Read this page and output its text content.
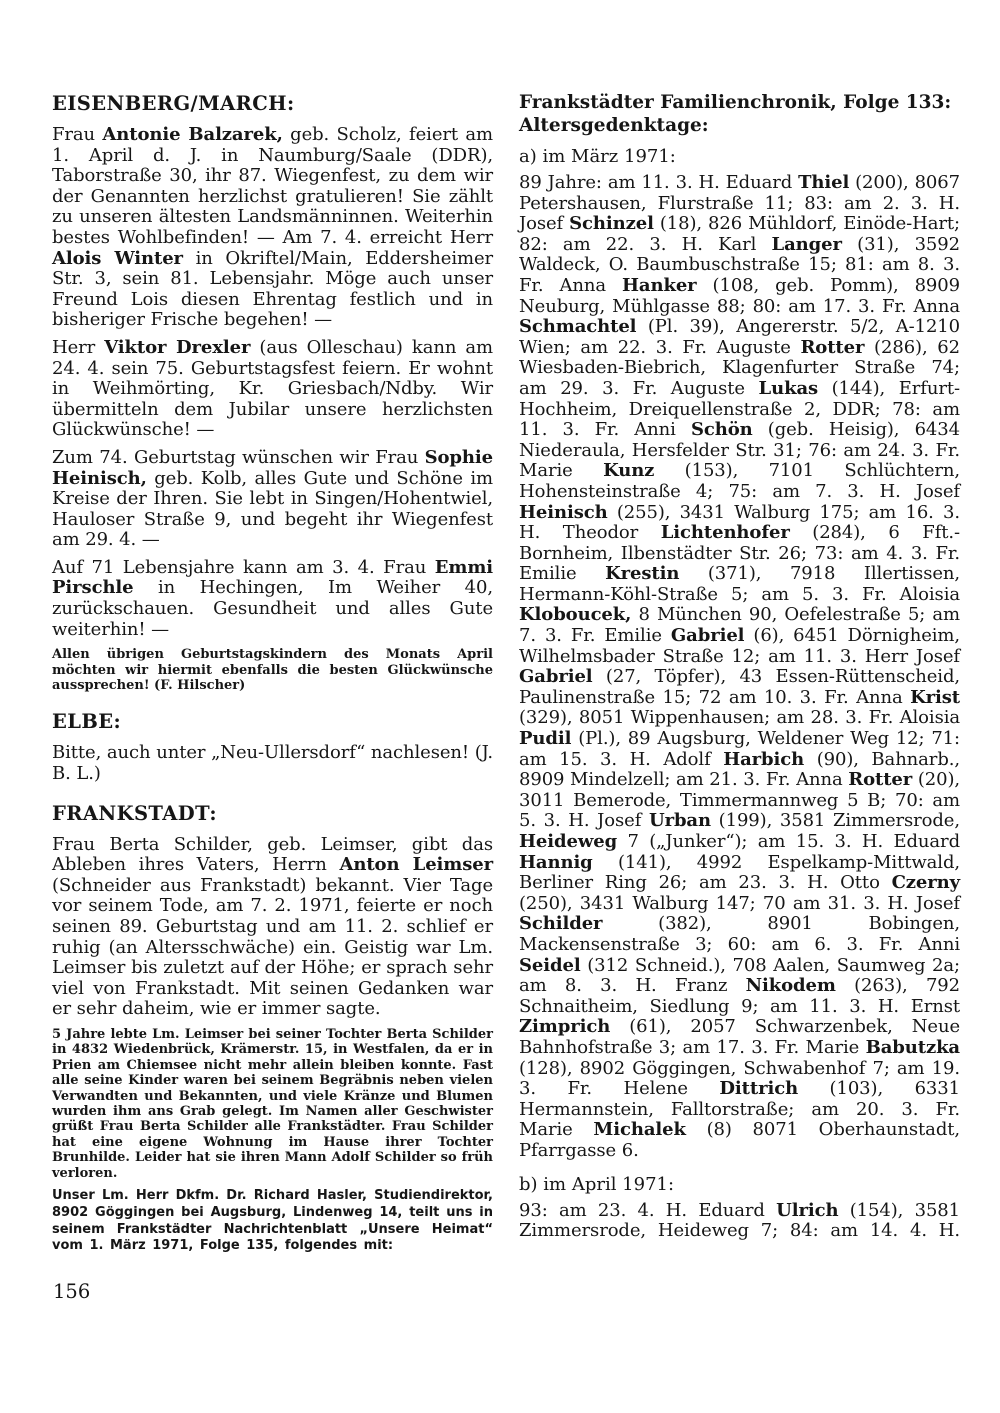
EISENBERG/MARCH:

Frau Antonie Balzarek, geb. Scholz, feiert am 1. April d. J. in Naumburg/Saale (DDR), Taborstraße 30, ihr 87. Wiegenfest, zu dem wir der Genannten herzlichst gratulieren! Sie zählt zu unseren ältesten Landsmänninnen. Weiterhin bestes Wohlbefinden! — Am 7. 4. erreicht Herr Alois Winter in Okriftel/Main, Eddersheimer Str. 3, sein 81. Lebensjahr. Möge auch unser Freund Lois diesen Ehrentag festlich und in bisheriger Frische begehen! —

Herr Viktor Drexler (aus Olleschau) kann am 24. 4. sein 75. Geburtstagsfest feiern. Er wohnt in Weihmörting, Kr. Griesbach/Ndby. Wir übermitteln dem Jubilar unsere herzlichsten Glückwünsche! —

Zum 74. Geburtstag wünschen wir Frau Sophie Heinisch, geb. Kolb, alles Gute und Schöne im Kreise der Ihren. Sie lebt in Singen/Hohentwiel, Hauloser Straße 9, und begeht ihr Wiegenfest am 29. 4. —

Auf 71 Lebensjahre kann am 3. 4. Frau Emmi Pirschle in Hechingen, Im Weiher 40, zurückschauen. Gesundheit und alles Gute weiterhin! —

Allen übrigen Geburtstagskindern des Monats April möchten wir hiermit ebenfalls die besten Glückwünsche aussprechen! (F. Hilscher)

ELBE:

Bitte, auch unter „Neu-Ullersdorf“ nachlesen! (J. B. L.)

FRANKSTADT:

Frau Berta Schilder, geb. Leimser, gibt das Ableben ihres Vaters, Herrn Anton Leimser (Schneider aus Frankstadt) bekannt. Vier Tage vor seinem Tode, am 7. 2. 1971, feierte er noch seinen 89. Geburtstag und am 11. 2. schlief er ruhig (an Altersschwäche) ein. Geistig war Lm. Leimser bis zuletzt auf der Höhe; er sprach sehr viel von Frankstadt. Mit seinen Gedanken war er sehr daheim, wie er immer sagte.

5 Jahre lebte Lm. Leimser bei seiner Tochter Berta Schilder in 4832 Wiedenbrück, Krämerstr. 15, in Westfalen, da er in Prien am Chiemsee nicht mehr allein bleiben konnte. Fast alle seine Kinder waren bei seinem Begräbnis neben vielen Verwandten und Bekannten, und viele Kränze und Blumen wurden ihm ans Grab gelegt. Im Namen aller Geschwister grüßt Frau Berta Schilder alle Frankstädter. Frau Schilder hat eine eigene Wohnung im Hause ihrer Tochter Brunhilde. Leider hat sie ihren Mann Adolf Schilder so früh verloren.

Unser Lm. Herr Dkfm. Dr. Richard Hasler, Studiendirektor, 8902 Göggingen bei Augsburg, Lindenweg 14, teilt uns in seinem Frankstädter Nachrichtenblatt „Unsere Heimat“ vom 1. März 1971, Folge 135, folgendes mit:

Frankstädter Familienchronik, Folge 133:
Altersgedenktage:

a) im März 1971:

89 Jahre: am 11. 3. H. Eduard Thiel (200), 8067 Petershausen, Flurstraße 11; 83: am 2. 3. H. Josef Schinzel (18), 826 Mühldorf, Einöde-Hart; 82: am 22. 3. H. Karl Langer (31), 3592 Waldeck, O. Baumbuschstraße 15; 81: am 8. 3. Fr. Anna Hanker (108, geb. Pomm), 8909 Neuburg, Mühlgasse 88; 80: am 17. 3. Fr. Anna Schmachtel (Pl. 39), Angererstr. 5/2, A-1210 Wien; am 22. 3. Fr. Auguste Rotter (286), 62 Wiesbaden-Biebrich, Klagenfurter Straße 74; am 29. 3. Fr. Auguste Lukas (144), Erfurt-Hochheim, Dreiquellenstraße 2, DDR; 78: am 11. 3. Fr. Anni Schön (geb. Heisig), 6434 Niederaula, Hersfelder Str. 31; 76: am 24. 3. Fr. Marie Kunz (153), 7101 Schlüchtern, Hohensteinstraße 4; 75: am 7. 3. H. Josef Heinisch (255), 3431 Walburg 175; am 16. 3. H. Theodor Lichtenhofer (284), 6 Fft.-Bornheim, Ilbenstädter Str. 26; 73: am 4. 3. Fr. Emilie Krestin (371), 7918 Illertissen, Hermann-Köhl-Straße 5; am 5. 3. Fr. Aloisia Kloboucek, 8 München 90, Oefelestraße 5; am 7. 3. Fr. Emilie Gabriel (6), 6451 Dörnigheim, Wilhelmsbader Straße 12; am 11. 3. Herr Josef Gabriel (27, Töpfer), 43 Essen-Rüttenscheid, Paulinenstraße 15; 72 am 10. 3. Fr. Anna Krist (329), 8051 Wippenhausen; am 28. 3. Fr. Aloisia Pudil (Pl.), 89 Augsburg, Weldener Weg 12; 71: am 15. 3. H. Adolf Harbich (90), Bahnarb., 8909 Mindelzell; am 21. 3. Fr. Anna Rotter (20), 3011 Bemerode, Timmermannweg 5 B; 70: am 5. 3. H. Josef Urban (199), 3581 Zimmersrode, Heideweg 7 („Junker“); am 15. 3. H. Eduard Hannig (141), 4992 Espelkamp-Mittwald, Berliner Ring 26; am 23. 3. H. Otto Czerny (250), 3431 Walburg 147; 70 am 31. 3. H. Josef Schilder (382), 8901 Bobingen, Mackensenstraße 3; 60: am 6. 3. Fr. Anni Seidel (312 Schneid.), 708 Aalen, Saumweg 2a; am 8. 3. H. Franz Nikodem (263), 792 Schnaitheim, Siedlung 9; am 11. 3. H. Ernst Zimprich (61), 2057 Schwarzenbek, Neue Bahnhofstraße 3; am 17. 3. Fr. Marie Babutzka (128), 8902 Göggingen, Schwabenhof 7; am 19. 3. Fr. Helene Dittrich (103), 6331 Hermannstein, Falltorstraße; am 20. 3. Fr. Marie Michalek (8) 8071 Oberhaunstadt, Pfarrgasse 6.

b) im April 1971:

93: am 23. 4. H. Eduard Ulrich (154), 3581 Zimmersrode, Heideweg 7; 84: am 14. 4. H.

156
